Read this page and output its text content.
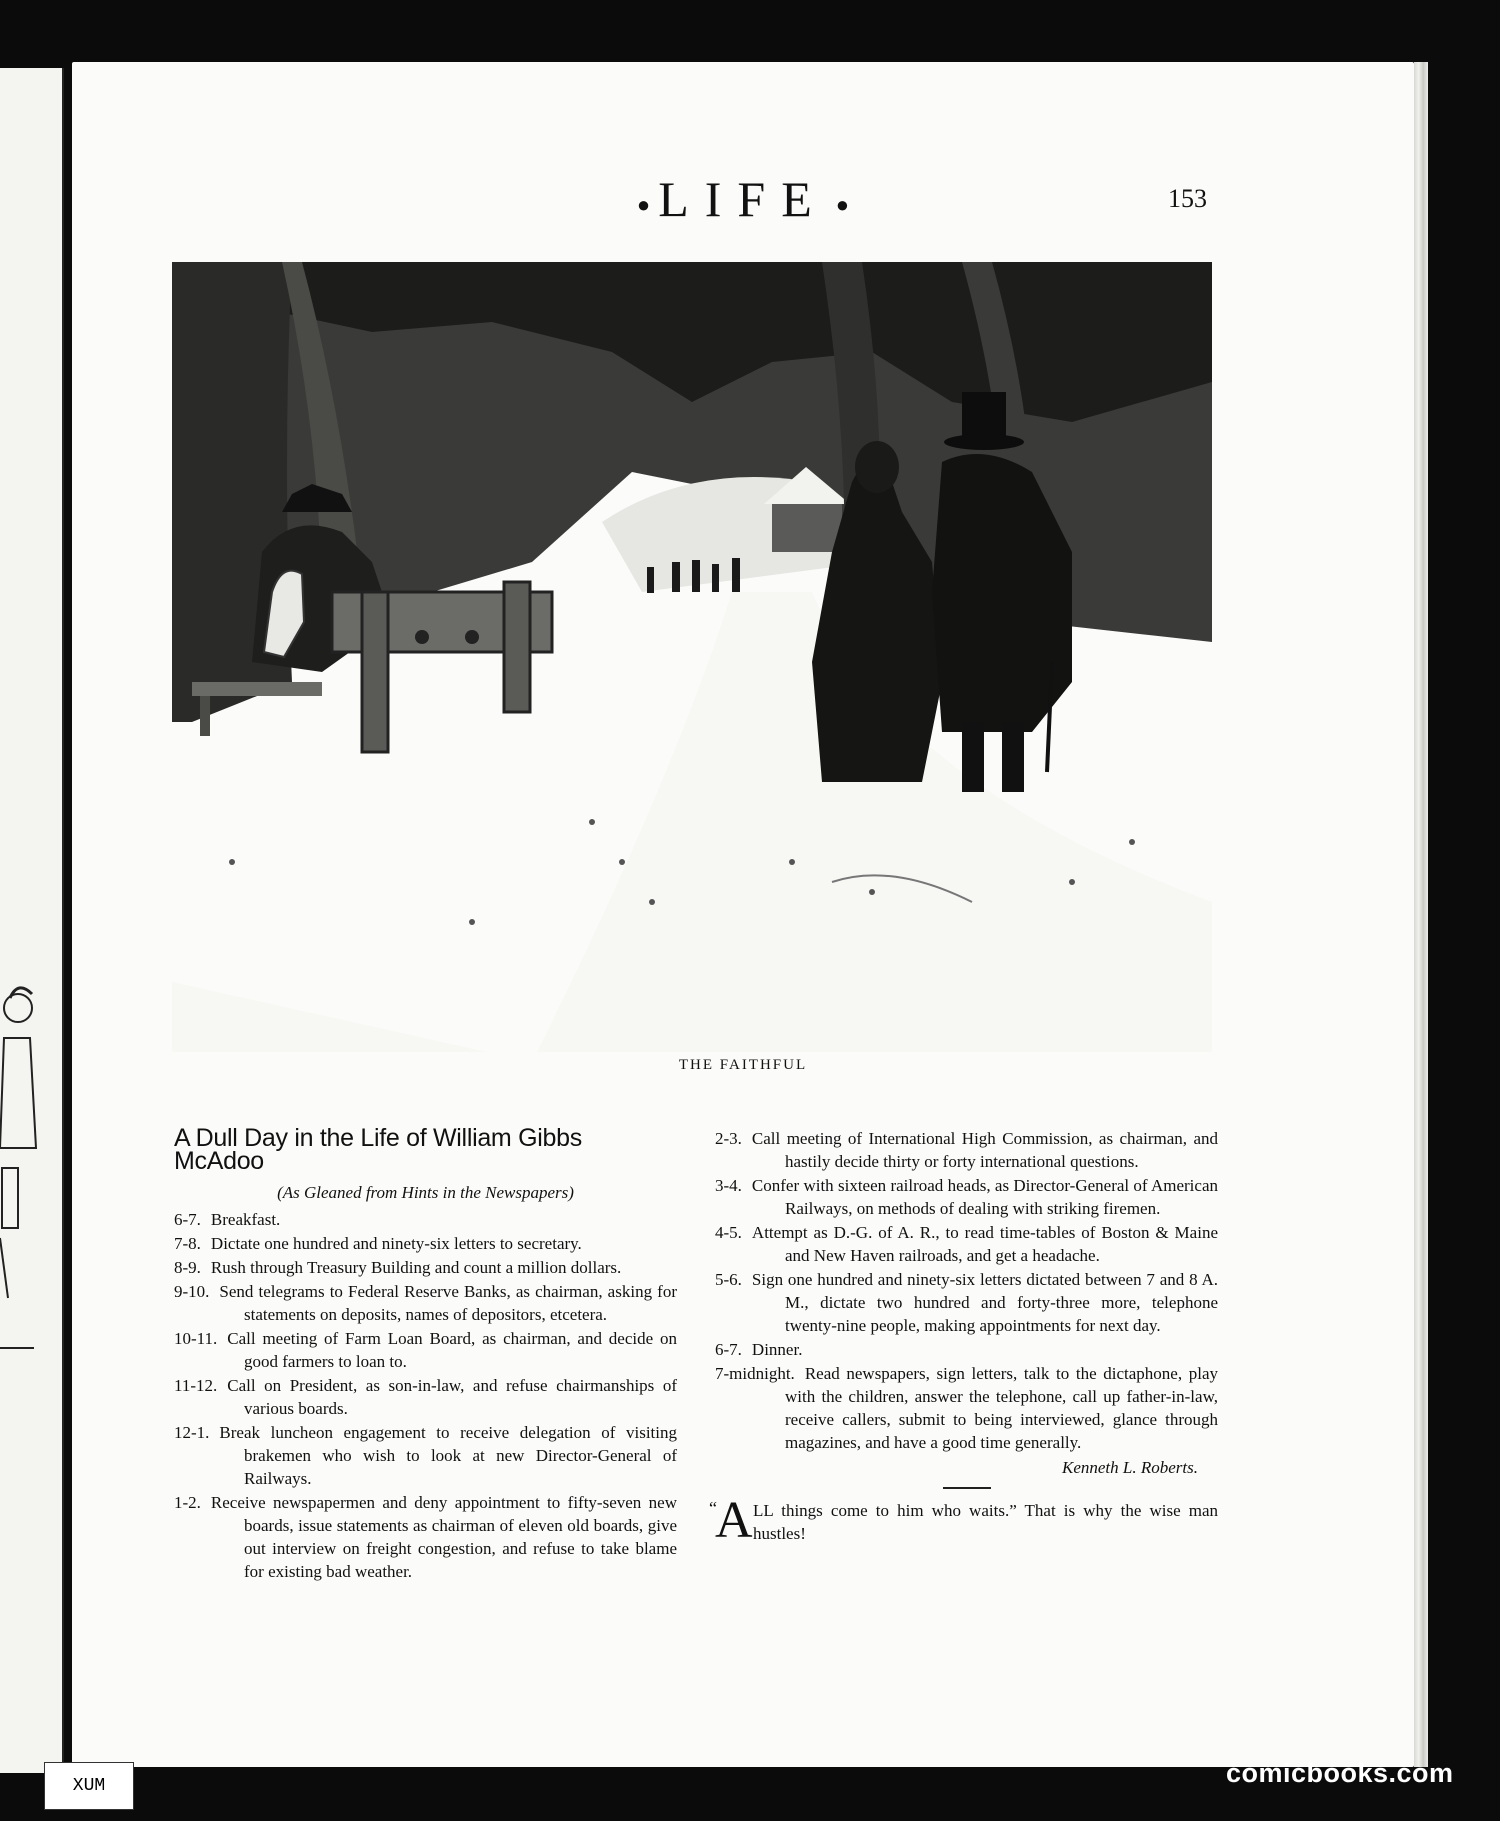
● LIFE ●	153
THE FAITHFUL
A Dull Day in the Life of William Gibbs McAdoo
(As Gleaned from Hints in the Newspapers)
6-7. Breakfast.
7-8. Dictate one hundred and ninety-six letters to secretary.
8-9. Rush through Treasury Building and count a million dollars.
9-10. Send telegrams to Federal Reserve Banks, as chairman, asking for statements on deposits, names of depositors, etcetera.
10-11. Call meeting of Farm Loan Board, as chairman, and decide on good farmers to loan to.
11-12. Call on President, as son-in-law, and refuse chairmanships of various boards.
12-1. Break luncheon engagement to receive delegation of visiting brakemen who wish to look at new Director-General of Railways.
1-2. Receive newspapermen and deny appointment to fifty-seven new boards, issue statements as chairman of eleven old boards, give out interview on freight congestion, and refuse to take blame for existing bad weather.
2-3. Call meeting of International High Commission, as chairman, and hastily decide thirty or forty international questions.
3-4. Confer with sixteen railroad heads, as Director-General of American Railways, on methods of dealing with striking firemen.
4-5. Attempt as D.-G. of A. R., to read time-tables of Boston & Maine and New Haven railroads, and get a headache.
5-6. Sign one hundred and ninety-six letters dictated between 7 and 8 A. M., dictate two hundred and forty-three more, telephone twenty-nine people, making appointments for next day.
6-7. Dinner.
7-midnight. Read newspapers, sign letters, talk to the dictaphone, play with the children, answer the telephone, call up father-in-law, receive callers, submit to being interviewed, glance through magazines, and have a good time generally.
Kenneth L. Roberts.
“
A LL things come to him who waits.” That is why the wise man hustles!
XUM	comicbooks.com
